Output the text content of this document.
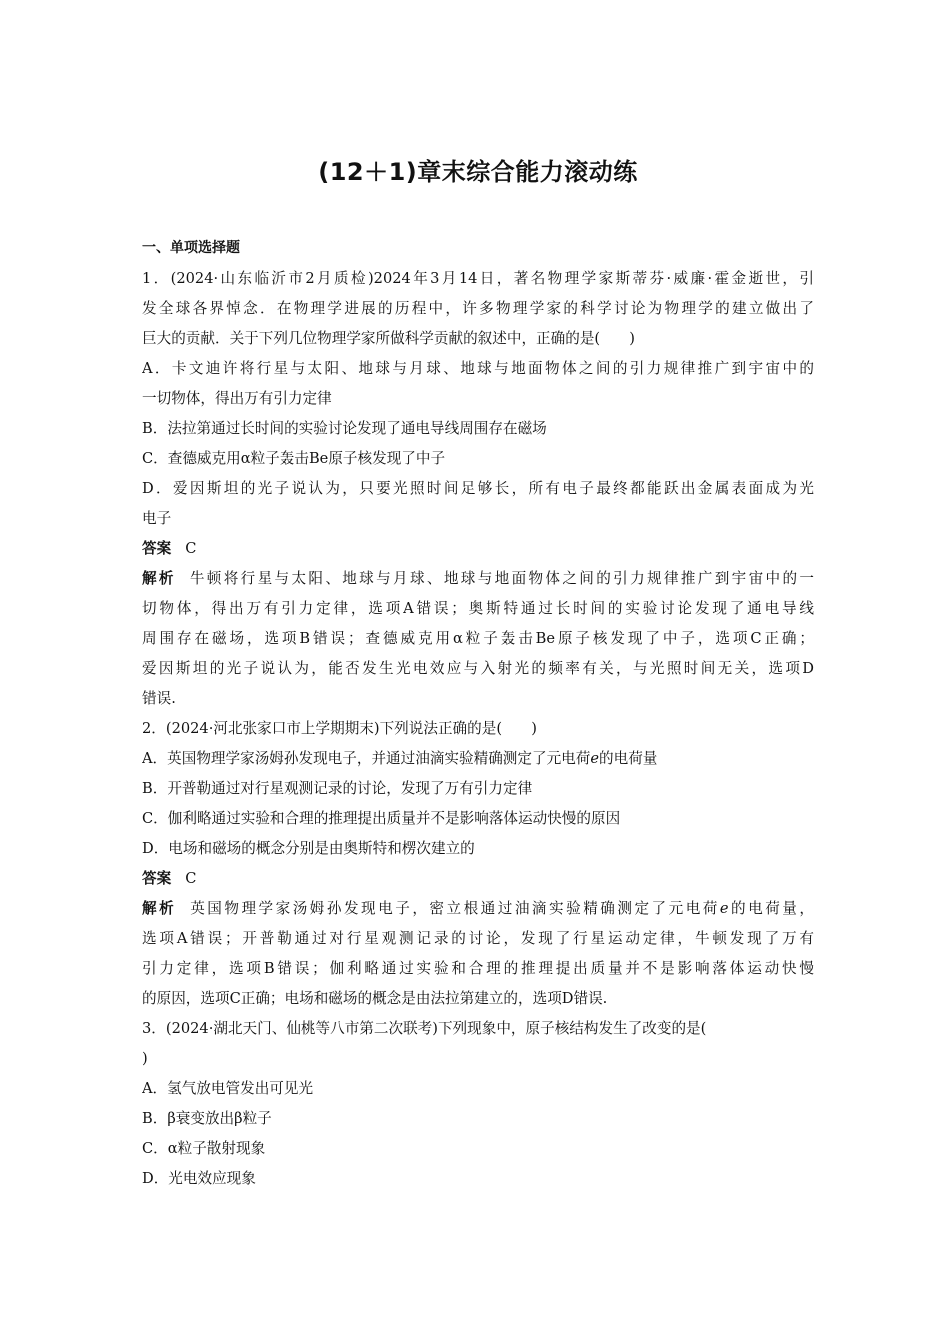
(12＋1)章末综合能力滚动练
一、单项选择题
1．(2024·山东临沂市2月质检)2024年3月14日，著名物理学家斯蒂芬·威廉·霍金逝世，引
发全球各界悼念．在物理学进展的历程中，许多物理学家的科学讨论为物理学的建立做出了
巨大的贡献．关于下列几位物理学家所做科学贡献的叙述中，正确的是(　　)
A．卡文迪许将行星与太阳、地球与月球、地球与地面物体之间的引力规律推广到宇宙中的
一切物体，得出万有引力定律
B．法拉第通过长时间的实验讨论发现了通电导线周围存在磁场
C．查德威克用α粒子轰击Be原子核发现了中子
D．爱因斯坦的光子说认为，只要光照时间足够长，所有电子最终都能跃出金属表面成为光
电子
答案 C
解析 牛顿将行星与太阳、地球与月球、地球与地面物体之间的引力规律推广到宇宙中的一
切物体，得出万有引力定律，选项A错误；奥斯特通过长时间的实验讨论发现了通电导线
周围存在磁场，选项B错误；查德威克用α粒子轰击Be原子核发现了中子，选项C正确；
爱因斯坦的光子说认为，能否发生光电效应与入射光的频率有关，与光照时间无关，选项D
错误.
2．(2024·河北张家口市上学期期末)下列说法正确的是(　　)
A．英国物理学家汤姆孙发现电子，并通过油滴实验精确测定了元电荷e的电荷量
B．开普勒通过对行星观测记录的讨论，发现了万有引力定律
C．伽利略通过实验和合理的推理提出质量并不是影响落体运动快慢的原因
D．电场和磁场的概念分别是由奥斯特和楞次建立的
答案 C
解析 英国物理学家汤姆孙发现电子，密立根通过油滴实验精确测定了元电荷e的电荷量，
选项A错误；开普勒通过对行星观测记录的讨论，发现了行星运动定律，牛顿发现了万有
引力定律，选项B错误；伽利略通过实验和合理的推理提出质量并不是影响落体运动快慢
的原因，选项C正确；电场和磁场的概念是由法拉第建立的，选项D错误.
3．(2024·湖北天门、仙桃等八市第二次联考)下列现象中，原子核结构发生了改变的是(
)
A．氢气放电管发出可见光
B．β衰变放出β粒子
C．α粒子散射现象
D．光电效应现象
